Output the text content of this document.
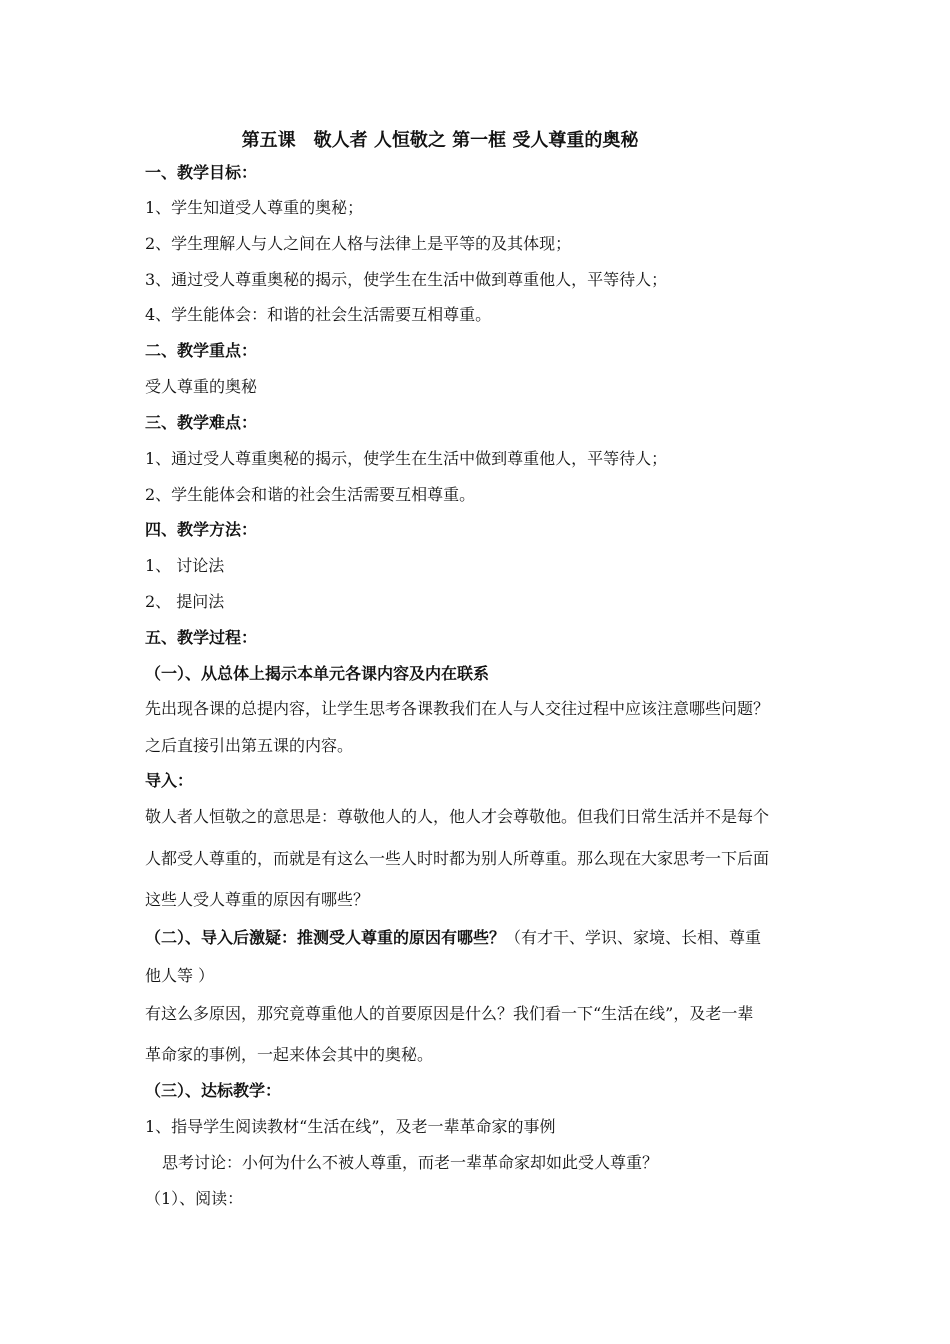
第五课　敬人者 人恒敬之 第一框 受人尊重的奥秘
一、教学目标：
1、学生知道受人尊重的奥秘；
2、学生理解人与人之间在人格与法律上是平等的及其体现；
3、通过受人尊重奥秘的揭示，使学生在生活中做到尊重他人，平等待人；
4、学生能体会：和谐的社会生活需要互相尊重。
二、教学重点：
受人尊重的奥秘
三、教学难点：
1、通过受人尊重奥秘的揭示，使学生在生活中做到尊重他人，平等待人；
2、学生能体会和谐的社会生活需要互相尊重。
四、教学方法：
1、 讨论法
2、 提问法
五、教学过程：
（一）、从总体上揭示本单元各课内容及内在联系
先出现各课的总提内容，让学生思考各课教我们在人与人交往过程中应该注意哪些问题？
之后直接引出第五课的内容。
导入：
敬人者人恒敬之的意思是：尊敬他人的人，他人才会尊敬他。但我们日常生活并不是每个
人都受人尊重的，而就是有这么一些人时时都为别人所尊重。那么现在大家思考一下后面
这些人受人尊重的原因有哪些？
（二）、导入后激疑：推测受人尊重的原因有哪些？（有才干、学识、家境、长相、尊重
他人等 ）
有这么多原因，那究竟尊重他人的首要原因是什么？我们看一下“生活在线”，及老一辈
革命家的事例，一起来体会其中的奥秘。
（三）、达标教学：
1、指导学生阅读教材“生活在线”，及老一辈革命家的事例
思考讨论：小何为什么不被人尊重，而老一辈革命家却如此受人尊重？
（1）、阅读：
